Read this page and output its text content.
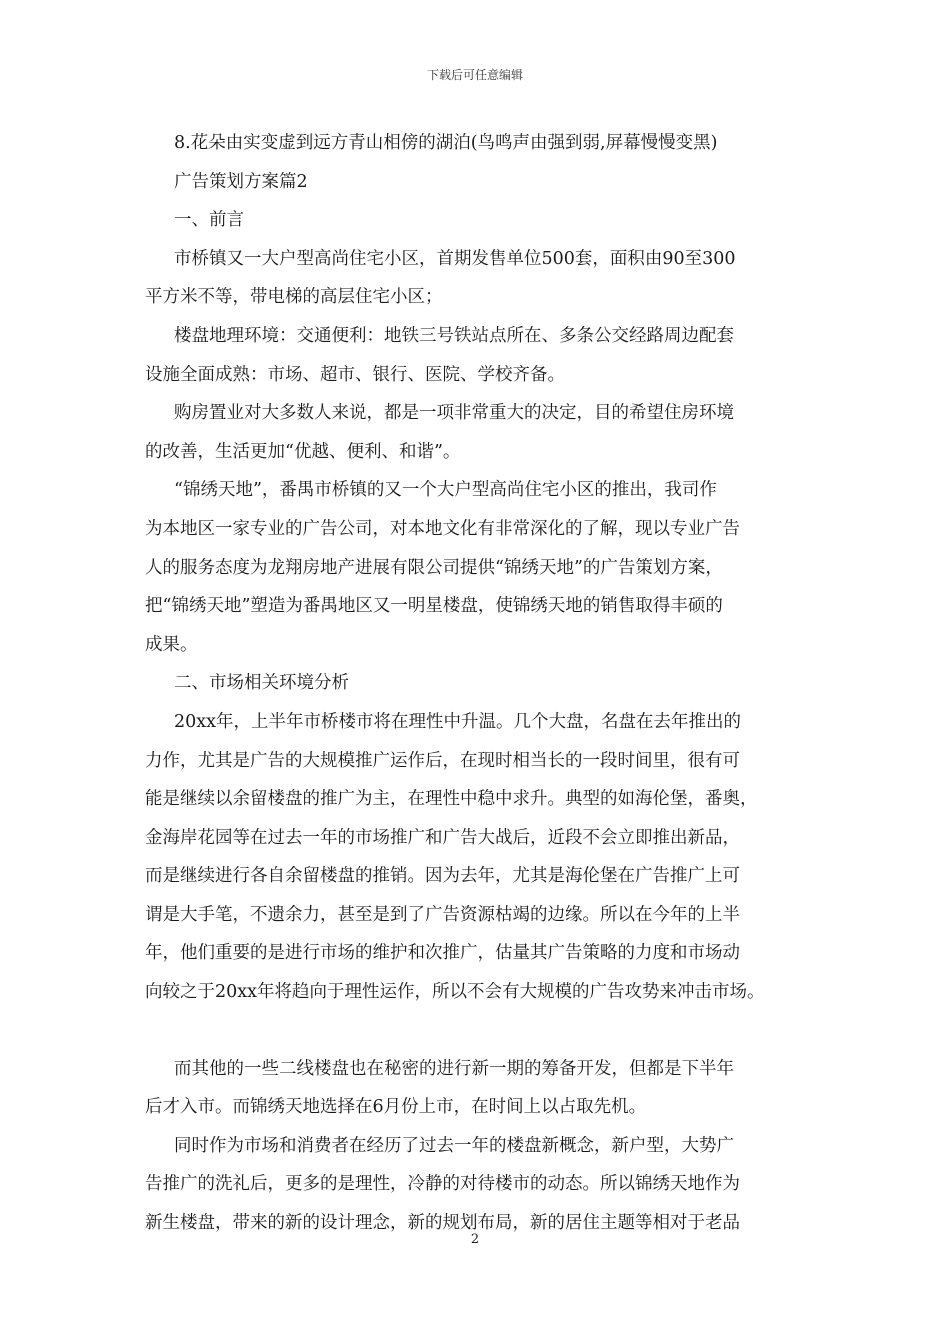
下载后可任意编辑
8.花朵由实变虚到远方青山相傍的湖泊(鸟鸣声由强到弱,屏幕慢慢变黑)
广告策划方案篇2
一、前言
市桥镇又一大户型高尚住宅小区，首期发售单位500套，面积由90至300
平方米不等，带电梯的高层住宅小区；
楼盘地理环境：交通便利：地铁三号铁站点所在、多条公交经路周边配套
设施全面成熟：市场、超市、银行、医院、学校齐备。
购房置业对大多数人来说，都是一项非常重大的决定，目的希望住房环境
的改善，生活更加“优越、便利、和谐”。
“锦绣天地”，番禺市桥镇的又一个大户型高尚住宅小区的推出，我司作
为本地区一家专业的广告公司，对本地文化有非常深化的了解，现以专业广告
人的服务态度为龙翔房地产进展有限公司提供“锦绣天地”的广告策划方案，
把“锦绣天地”塑造为番禺地区又一明星楼盘，使锦绣天地的销售取得丰硕的
成果。
二、市场相关环境分析
20xx年，上半年市桥楼市将在理性中升温。几个大盘，名盘在去年推出的
力作，尤其是广告的大规模推广运作后，在现时相当长的一段时间里，很有可
能是继续以余留楼盘的推广为主，在理性中稳中求升。典型的如海伦堡，番奥，
金海岸花园等在过去一年的市场推广和广告大战后，近段不会立即推出新品，
而是继续进行各自余留楼盘的推销。因为去年，尤其是海伦堡在广告推广上可
谓是大手笔，不遗余力，甚至是到了广告资源枯竭的边缘。所以在今年的上半
年，他们重要的是进行市场的维护和次推广，估量其广告策略的力度和市场动
向较之于20xx年将趋向于理性运作，所以不会有大规模的广告攻势来冲击市场。
而其他的一些二线楼盘也在秘密的进行新一期的筹备开发，但都是下半年
后才入市。而锦绣天地选择在6月份上市，在时间上以占取先机。
同时作为市场和消费者在经历了过去一年的楼盘新概念，新户型，大势广
告推广的洗礼后，更多的是理性，冷静的对待楼市的动态。所以锦绣天地作为
新生楼盘，带来的新的设计理念，新的规划布局，新的居住主题等相对于老品
2
